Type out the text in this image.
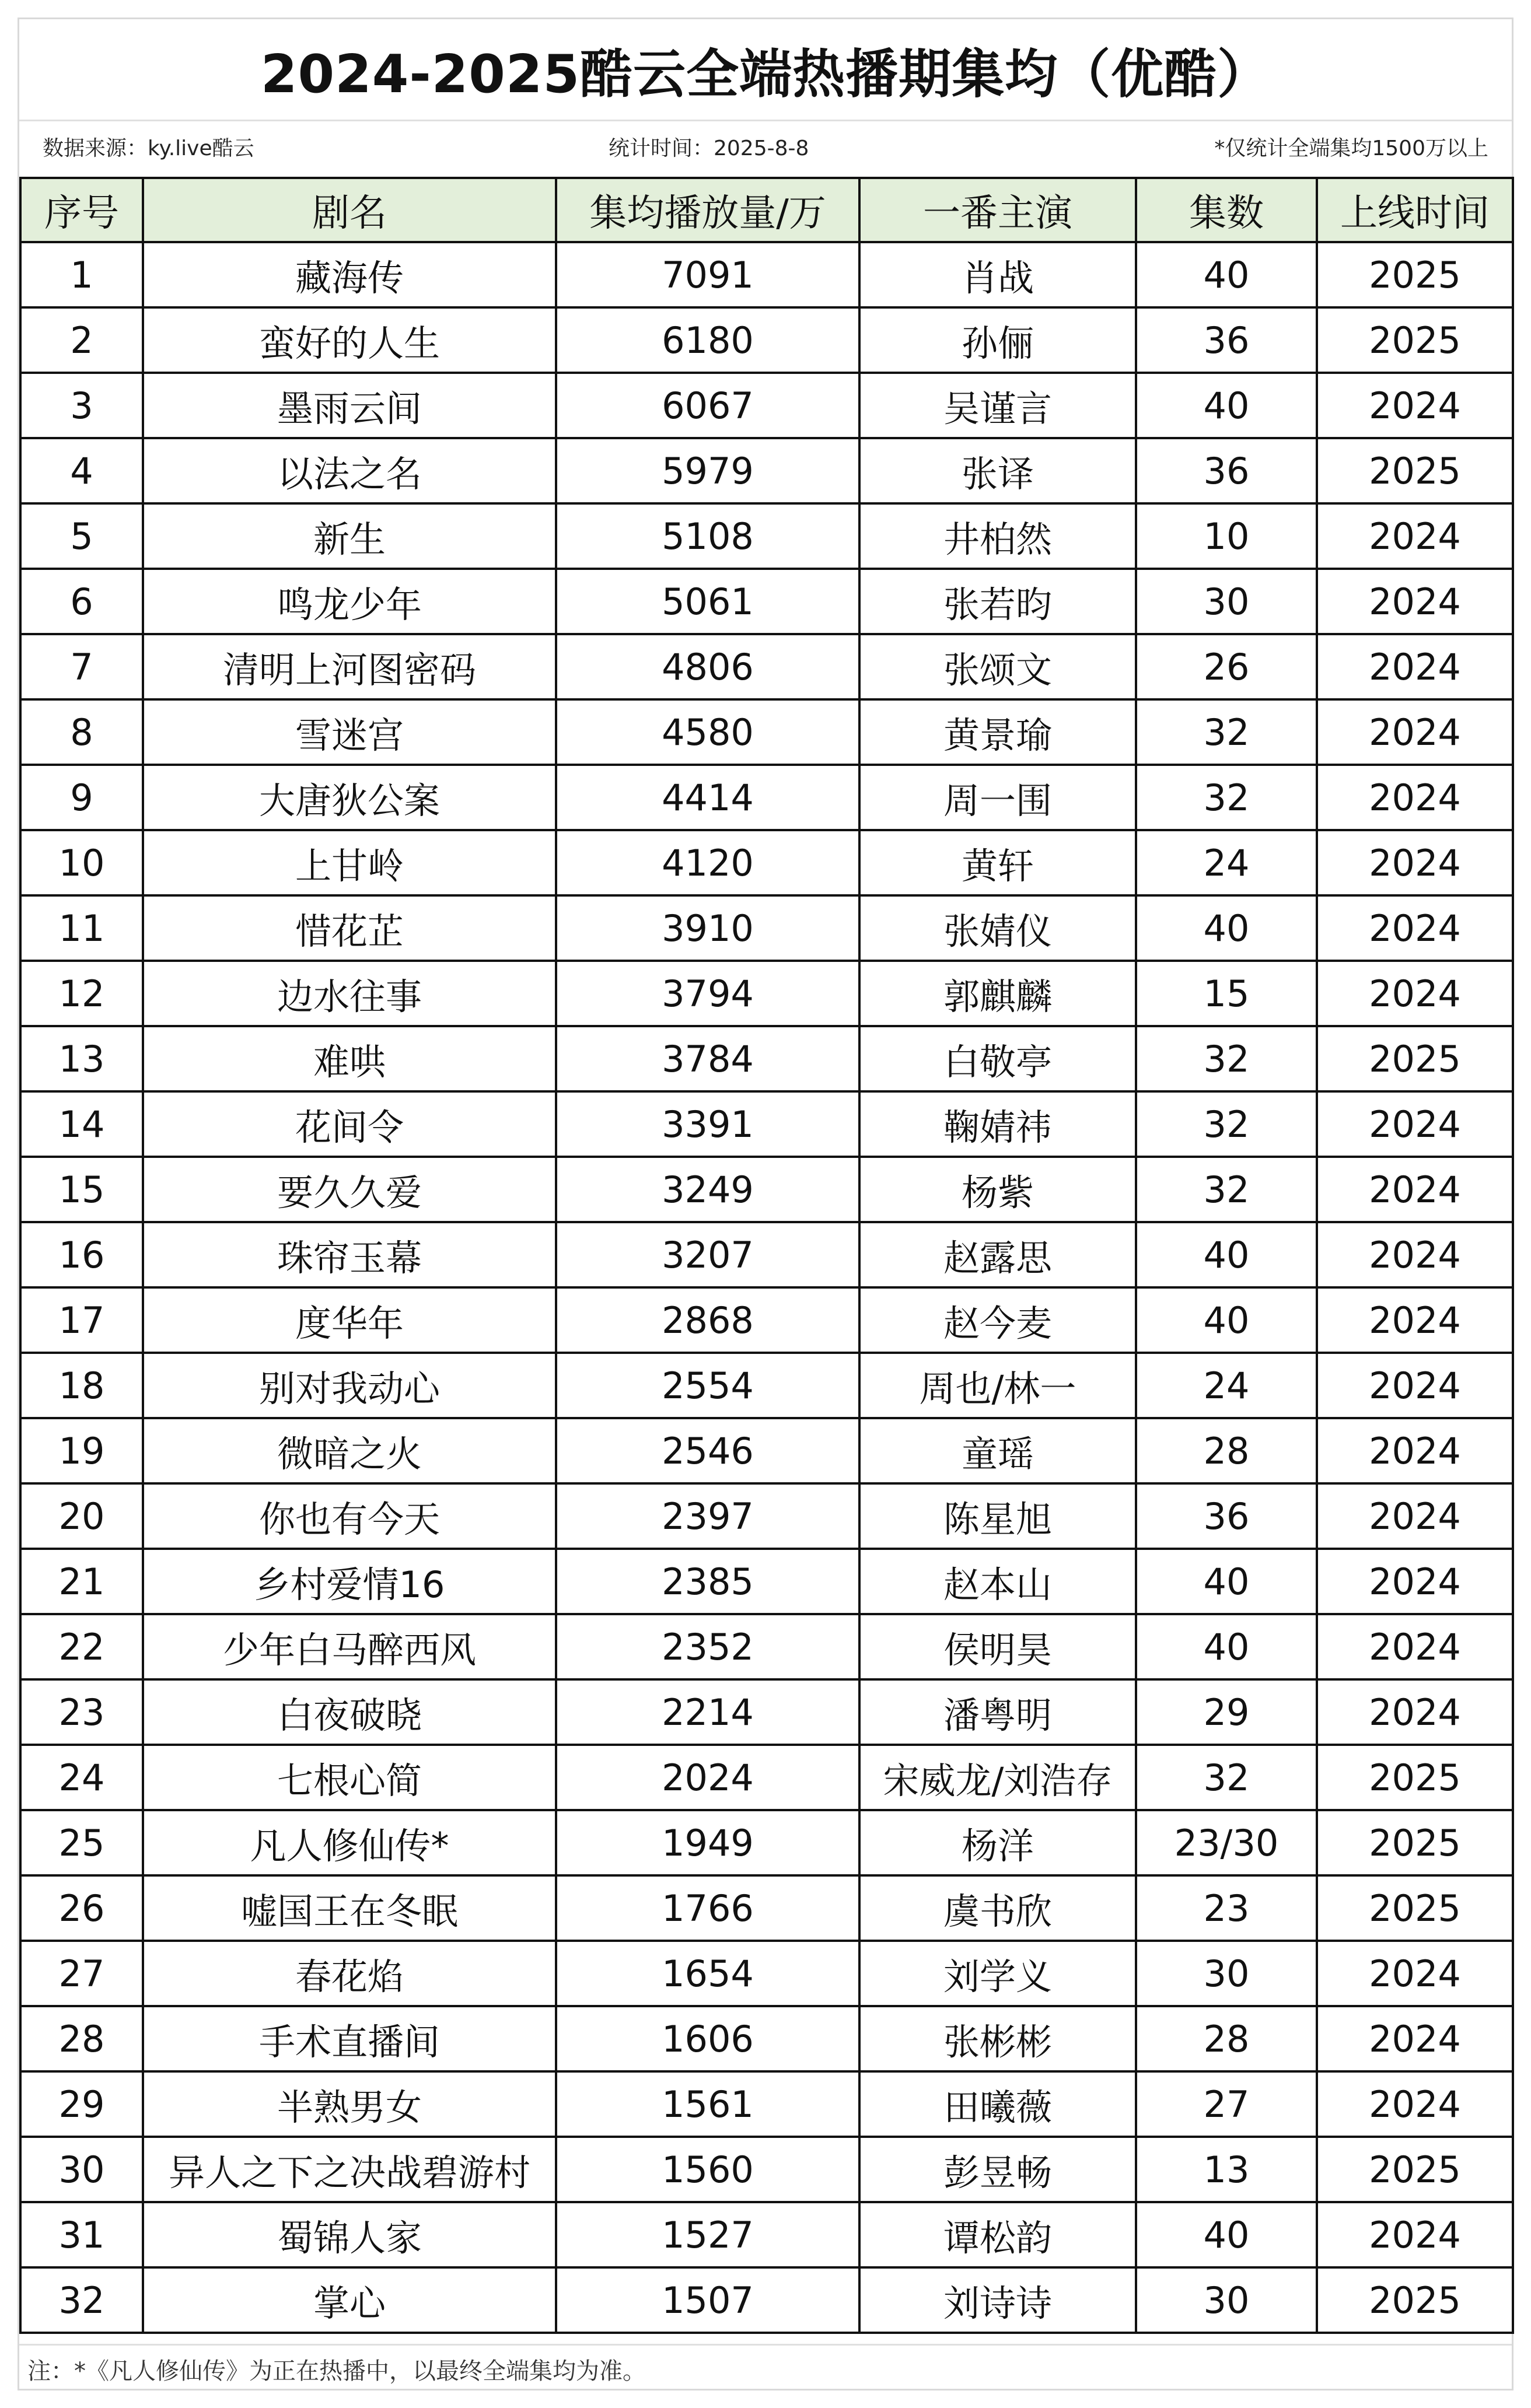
2024-2025酷云全端热播期集均（优酷）
数据来源：ky.live酷云	统计时间：2025-8-8	*仅统计全端集均1500万以上
序号	剧名	集均播放量/万	一番主演	集数	上线时间
1	藏海传	7091	肖战	40	2025
2	蛮好的人生	6180	孙俪	36	2025
3	墨雨云间	6067	吴谨言	40	2024
4	以法之名	5979	张译	36	2025
5	新生	5108	井柏然	10	2024
6	鸣龙少年	5061	张若昀	30	2024
7	清明上河图密码	4806	张颂文	26	2024
8	雪迷宫	4580	黄景瑜	32	2024
9	大唐狄公案	4414	周一围	32	2024
10	上甘岭	4120	黄轩	24	2024
11	惜花芷	3910	张婧仪	40	2024
12	边水往事	3794	郭麒麟	15	2024
13	难哄	3784	白敬亭	32	2025
14	花间令	3391	鞠婧祎	32	2024
15	要久久爱	3249	杨紫	32	2024
16	珠帘玉幕	3207	赵露思	40	2024
17	度华年	2868	赵今麦	40	2024
18	别对我动心	2554	周也/林一	24	2024
19	微暗之火	2546	童瑶	28	2024
20	你也有今天	2397	陈星旭	36	2024
21	乡村爱情16	2385	赵本山	40	2024
22	少年白马醉西风	2352	侯明昊	40	2024
23	白夜破晓	2214	潘粤明	29	2024
24	七根心简	2024	宋威龙/刘浩存	32	2025
25	凡人修仙传*	1949	杨洋	23/30	2025
26	嘘国王在冬眠	1766	虞书欣	23	2025
27	春花焰	1654	刘学义	30	2024
28	手术直播间	1606	张彬彬	28	2024
29	半熟男女	1561	田曦薇	27	2024
30	异人之下之决战碧游村	1560	彭昱畅	13	2025
31	蜀锦人家	1527	谭松韵	40	2024
32	掌心	1507	刘诗诗	30	2025
注：*《凡人修仙传》为正在热播中，以最终全端集均为准。
